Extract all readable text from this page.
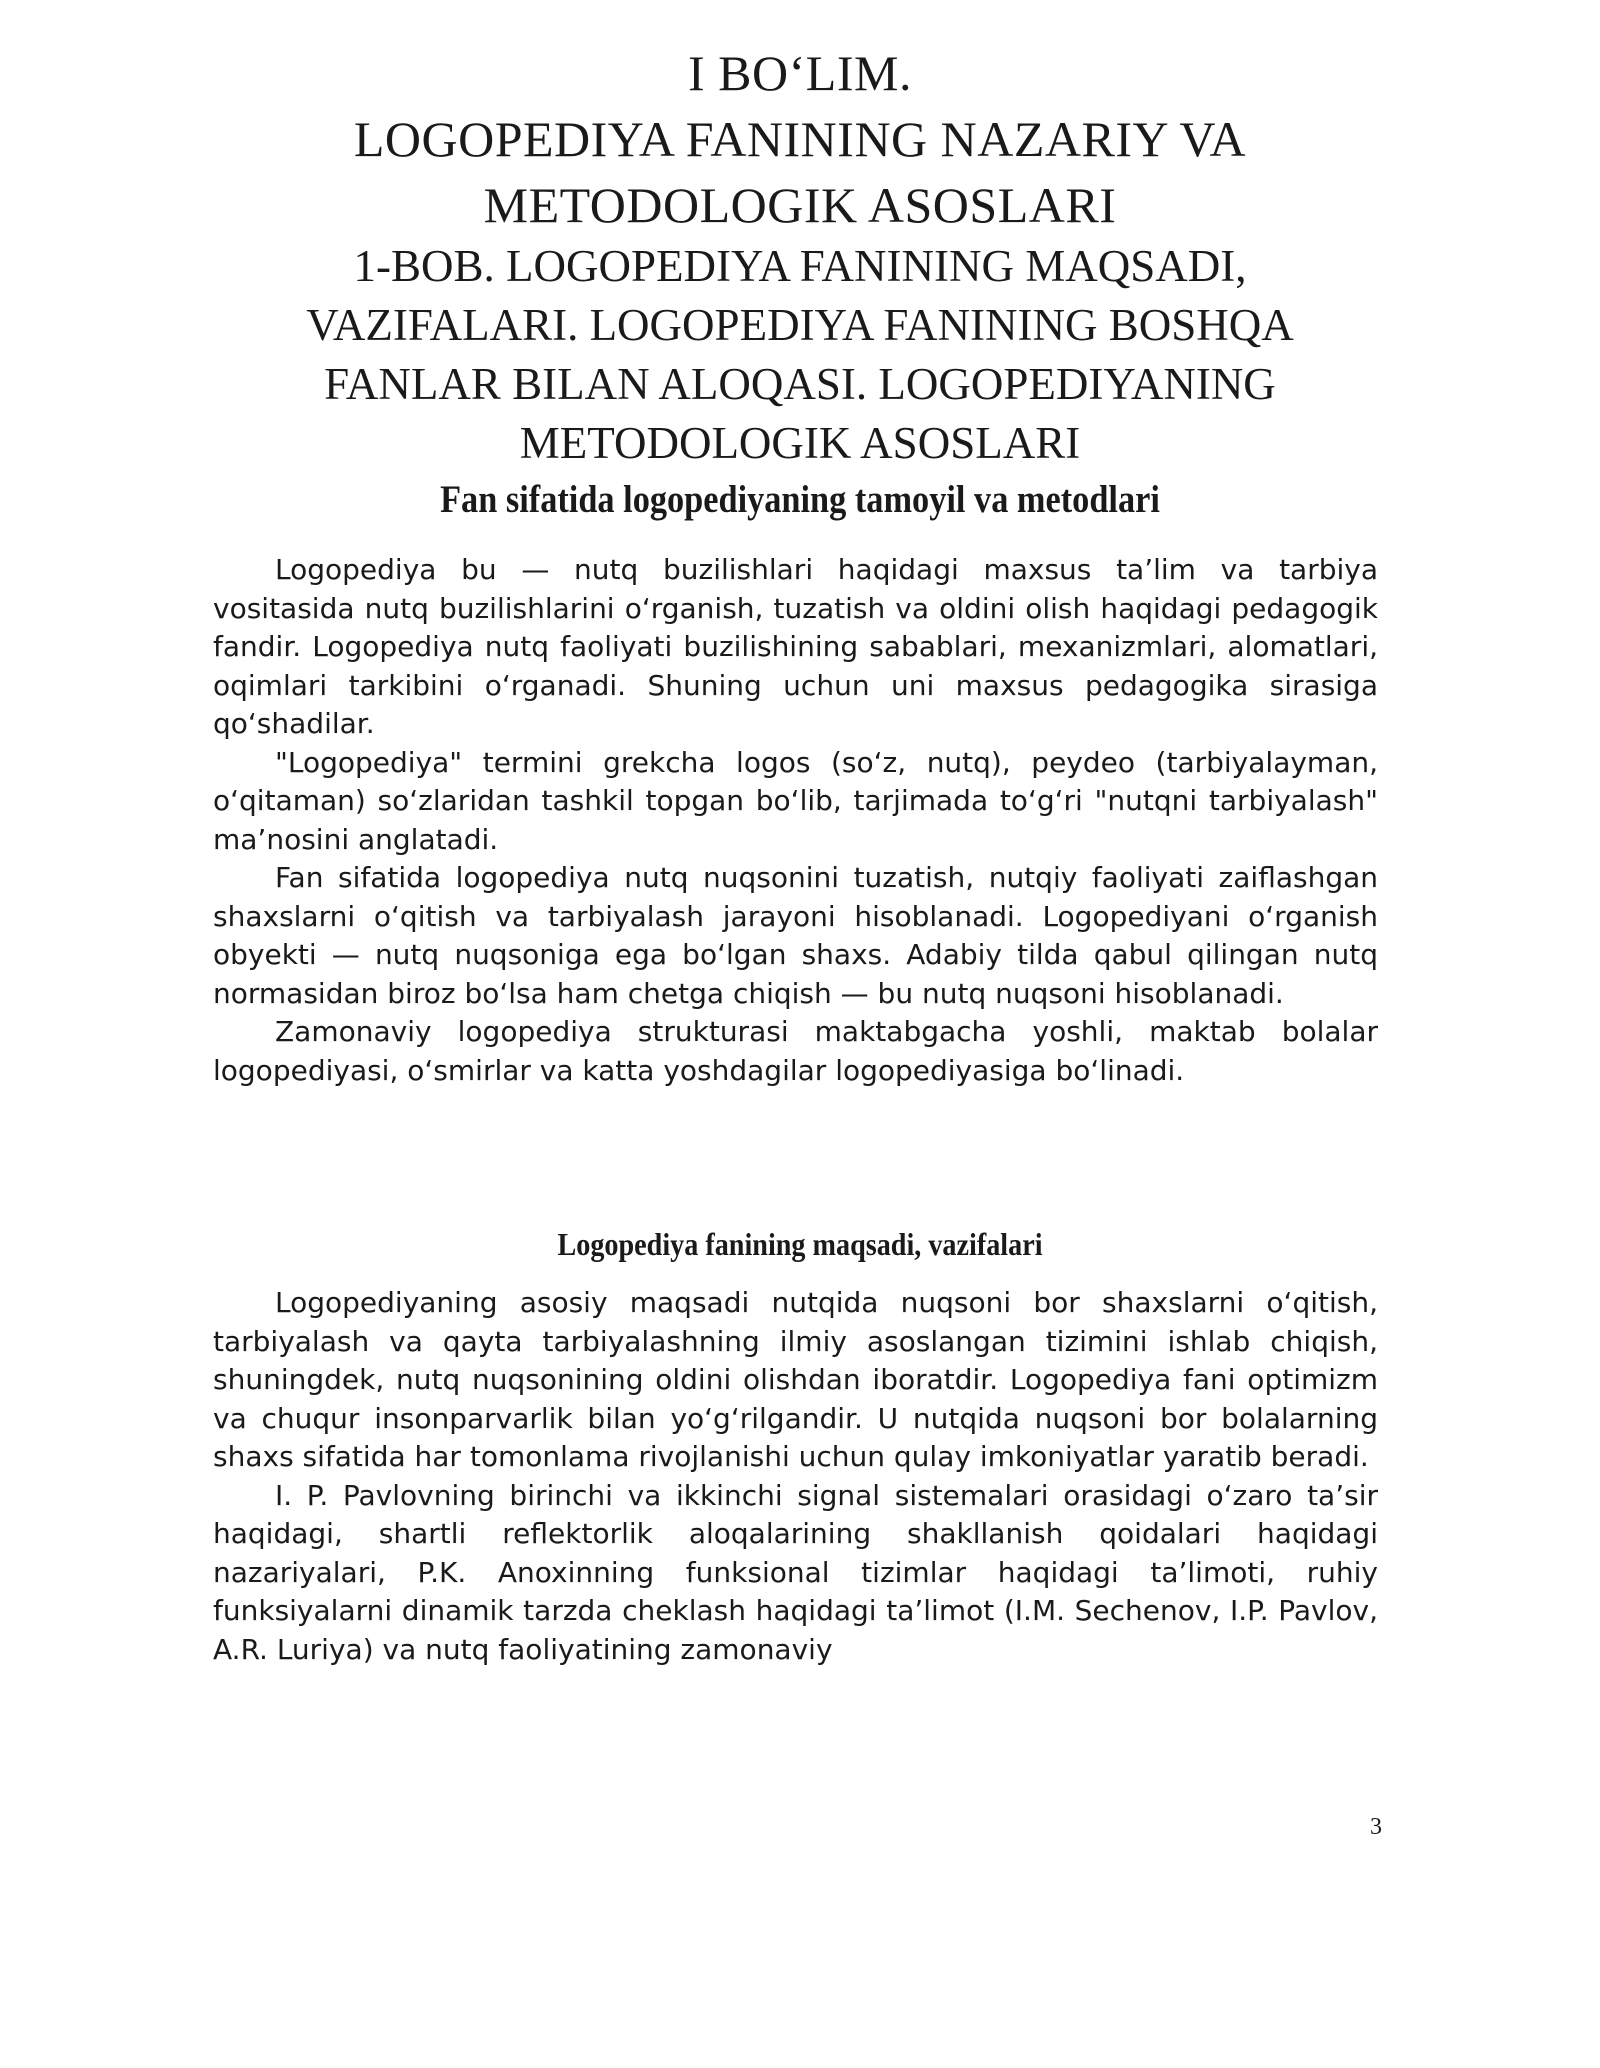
I BO‘LIM.
LOGOPEDIYA FANINING NAZARIY VA
METODOLOGIK ASOSLARI
1-BOB. LOGOPEDIYA FANINING MAQSADI,
VAZIFALARI. LOGOPEDIYA FANINING BOSHQA
FANLAR BILAN ALOQASI. LOGOPEDIYANING
METODOLOGIK ASOSLARI
Fan sifatida logopediyaning tamoyil va metodlari

Logopediya bu — nutq buzilishlari haqidagi maxsus ta’lim va tarbiya vositasida nutq buzilishlarini o‘rganish, tuzatish va oldini olish haqidagi pedagogik fandir. Logopediya nutq faoliyati buzilishining sabablari, mexanizmlari, alomatlari, oqimlari tarkibini o‘rganadi. Shuning uchun uni maxsus pedagogika sirasiga qo‘shadilar.

"Logopediya" termini grekcha logos (so‘z, nutq), peydeo (tarbiyalayman, o‘qitaman) so‘zlaridan tashkil topgan bo‘lib, tarjimada to‘g‘ri "nutqni tarbiyalash" ma’nosini anglatadi.

Fan sifatida logopediya nutq nuqsonini tuzatish, nutqiy faoliyati zaiflashgan shaxslarni o‘qitish va tarbiyalash jarayoni hisoblanadi. Logopediyani o‘rganish obyekti — nutq nuqsoniga ega bo‘lgan shaxs. Adabiy tilda qabul qilingan nutq normasidan biroz bo‘lsa ham chetga chiqish — bu nutq nuqsoni hisoblanadi.

Zamonaviy logopediya strukturasi maktabgacha yoshli, maktab bolalar logopediyasi, o‘smirlar va katta yoshdagilar logopediyasiga bo‘linadi.

Logopediya fanining maqsadi, vazifalari

Logopediyaning asosiy maqsadi nutqida nuqsoni bor shaxslarni o‘qitish, tarbiyalash va qayta tarbiyalashning ilmiy asoslangan tizimini ishlab chiqish, shuningdek, nutq nuqsonining oldini olishdan iboratdir. Logopediya fani optimizm va chuqur insonparvarlik bilan yo‘g‘rilgandir. U nutqida nuqsoni bor bolalarning shaxs sifatida har tomonlama rivojlanishi uchun qulay imkoniyatlar yaratib beradi.

I. P. Pavlovning birinchi va ikkinchi signal sistemalari orasidagi o‘zaro ta’sir haqidagi, shartli reflektorlik aloqalarining shakllanish qoidalari haqidagi nazariyalari, P.K. Anoxinning funksional tizimlar haqidagi ta’limoti, ruhiy funksiyalarni dinamik tarzda cheklash haqidagi ta’limot (I.M. Sechenov, I.P. Pavlov, A.R. Luriya) va nutq faoliyatining zamonaviy

3
